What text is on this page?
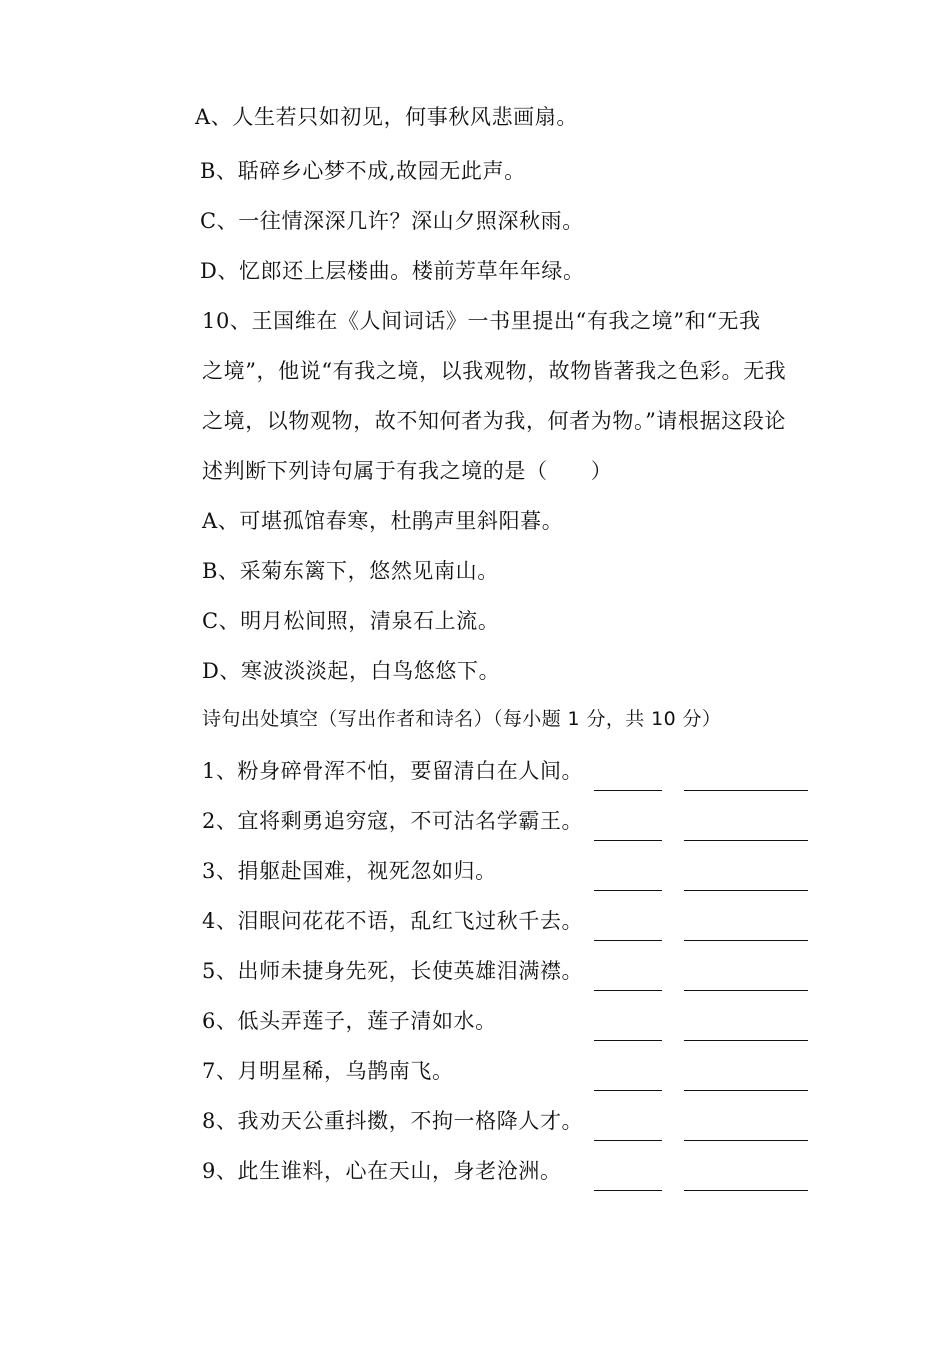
A、人生若只如初见，何事秋风悲画扇。
B、聒碎乡心梦不成,故园无此声。
C、一往情深深几许？深山夕照深秋雨。
D、忆郎还上层楼曲。楼前芳草年年绿。
10、王国维在《人间词话》一书里提出“有我之境”和“无我
之境”，他说“有我之境，以我观物，故物皆著我之色彩。无我
之境，以物观物，故不知何者为我，何者为物。”请根据这段论
述判断下列诗句属于有我之境的是（　　）
A、可堪孤馆春寒，杜鹃声里斜阳暮。
B、采菊东篱下，悠然见南山。
C、明月松间照，清泉石上流。
D、寒波淡淡起，白鸟悠悠下。
诗句出处填空（写出作者和诗名）（每小题 1 分，共 10 分）
1、粉身碎骨浑不怕，要留清白在人间。
2、宜将剩勇追穷寇，不可沽名学霸王。
3、捐躯赴国难，视死忽如归。
4、泪眼问花花不语，乱红飞过秋千去。
5、出师未捷身先死，长使英雄泪满襟。
6、低头弄莲子，莲子清如水。
7、月明星稀，乌鹊南飞。
8、我劝天公重抖擞，不拘一格降人才。
9、此生谁料，心在天山，身老沧洲。
